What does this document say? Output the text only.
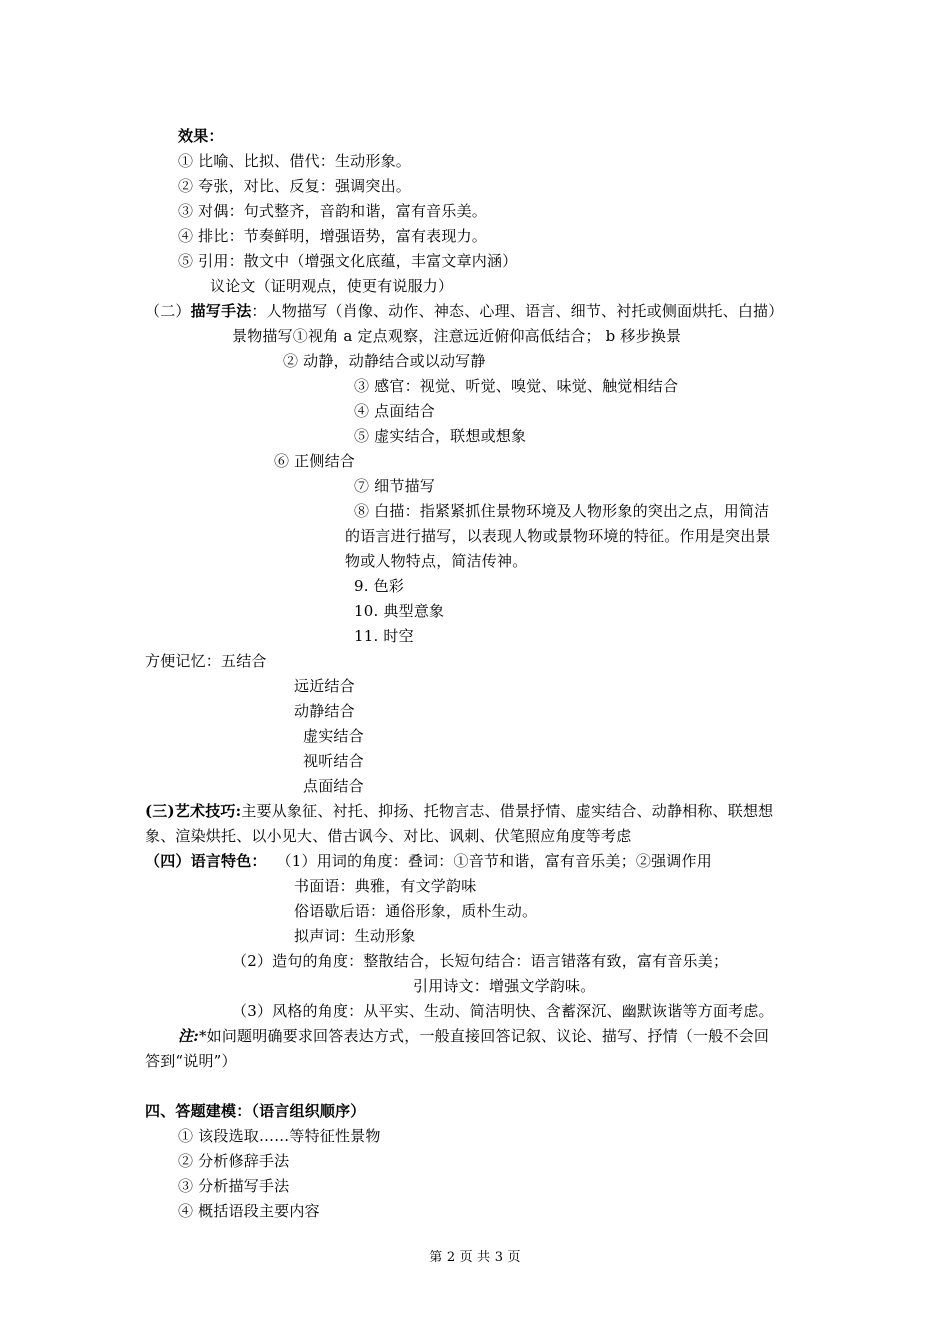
效果：
① 比喻、比拟、借代：生动形象。
② 夸张，对比、反复：强调突出。
③ 对偶：句式整齐，音韵和谐，富有音乐美。
④ 排比：节奏鲜明，增强语势，富有表现力。
⑤ 引用：散文中（增强文化底蕴，丰富文章内涵）
议论文（证明观点，使更有说服力）
（二）描写手法：人物描写（肖像、动作、神态、心理、语言、细节、衬托或侧面烘托、白描）
景物描写①视角 a 定点观察，注意远近俯仰高低结合； b 移步换景
② 动静，动静结合或以动写静
③ 感官：视觉、听觉、嗅觉、味觉、触觉相结合
④ 点面结合
⑤ 虚实结合，联想或想象
⑥ 正侧结合
⑦ 细节描写
⑧ 白描：指紧紧抓住景物环境及人物形象的突出之点，用简洁
的语言进行描写，以表现人物或景物环境的特征。作用是突出景
物或人物特点，简洁传神。
9. 色彩
10. 典型意象
11. 时空
方便记忆：五结合
远近结合
动静结合
虚实结合
视听结合
点面结合
(三)艺术技巧:主要从象征、衬托、抑扬、托物言志、借景抒情、虚实结合、动静相称、联想想
象、渲染烘托、以小见大、借古讽今、对比、讽刺、伏笔照应角度等考虑
（四）语言特色： （1）用词的角度：叠词：①音节和谐，富有音乐美；②强调作用
书面语：典雅，有文学韵味
俗语歇后语：通俗形象，质朴生动。
拟声词：生动形象
（2）造句的角度：整散结合，长短句结合：语言错落有致，富有音乐美；
引用诗文：增强文学韵味。
（3）风格的角度：从平实、生动、简洁明快、含蓄深沉、幽默诙谐等方面考虑。
注:*如问题明确要求回答表达方式，一般直接回答记叙、议论、描写、抒情（一般不会回
答到“说明”）
四、答题建模：（语言组织顺序）
① 该段选取……等特征性景物
② 分析修辞手法
③ 分析描写手法
④ 概括语段主要内容
第 2 页 共 3 页
